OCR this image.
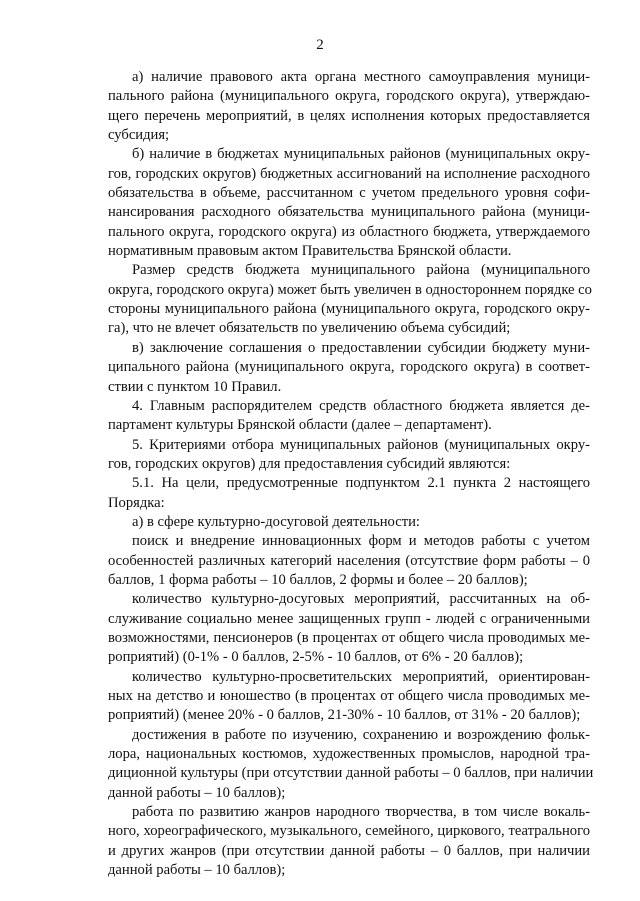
2
а) наличие правового акта органа местного самоуправления муници-
пального района (муниципального округа, городского округа), утверждаю-
щего перечень мероприятий, в целях исполнения которых предоставляется
субсидия;
б) наличие в бюджетах муниципальных районов (муниципальных окру-
гов, городских округов) бюджетных ассигнований на исполнение расходного
обязательства в объеме, рассчитанном с учетом предельного уровня софи-
нансирования расходного обязательства муниципального района (муници-
пального округа, городского округа) из областного бюджета, утверждаемого
нормативным правовым актом Правительства Брянской области.
Размер средств бюджета муниципального района (муниципального
округа, городского округа) может быть увеличен в одностороннем порядке со
стороны муниципального района (муниципального округа, городского окру-
га), что не влечет обязательств по увеличению объема субсидий;
в) заключение соглашения о предоставлении субсидии бюджету муни-
ципального района (муниципального округа, городского округа) в соответ-
ствии с пунктом 10 Правил.
4. Главным распорядителем средств областного бюджета является де-
партамент культуры Брянской области (далее – департамент).
5. Критериями отбора муниципальных районов (муниципальных окру-
гов, городских округов) для предоставления субсидий являются:
5.1. На цели, предусмотренные подпунктом 2.1 пункта 2 настоящего
Порядка:
а) в сфере культурно-досуговой деятельности:
поиск и внедрение инновационных форм и методов работы с учетом
особенностей различных категорий населения (отсутствие форм работы – 0
баллов, 1 форма работы – 10 баллов, 2 формы и более – 20 баллов);
количество культурно-досуговых мероприятий, рассчитанных на об-
служивание социально менее защищенных групп - людей с ограниченными
возможностями, пенсионеров (в процентах от общего числа проводимых ме-
роприятий) (0-1% - 0 баллов, 2-5% - 10 баллов, от 6% - 20 баллов);
количество культурно-просветительских мероприятий, ориентирован-
ных на детство и юношество (в процентах от общего числа проводимых ме-
роприятий) (менее 20% - 0 баллов, 21-30% - 10 баллов, от 31% - 20 баллов);
достижения в работе по изучению, сохранению и возрождению фольк-
лора, национальных костюмов, художественных промыслов, народной тра-
диционной культуры (при отсутствии данной работы – 0 баллов, при наличии
данной работы – 10 баллов);
работа по развитию жанров народного творчества, в том числе вокаль-
ного, хореографического, музыкального, семейного, циркового, театрального
и других жанров (при отсутствии данной работы – 0 баллов, при наличии
данной работы – 10 баллов);
